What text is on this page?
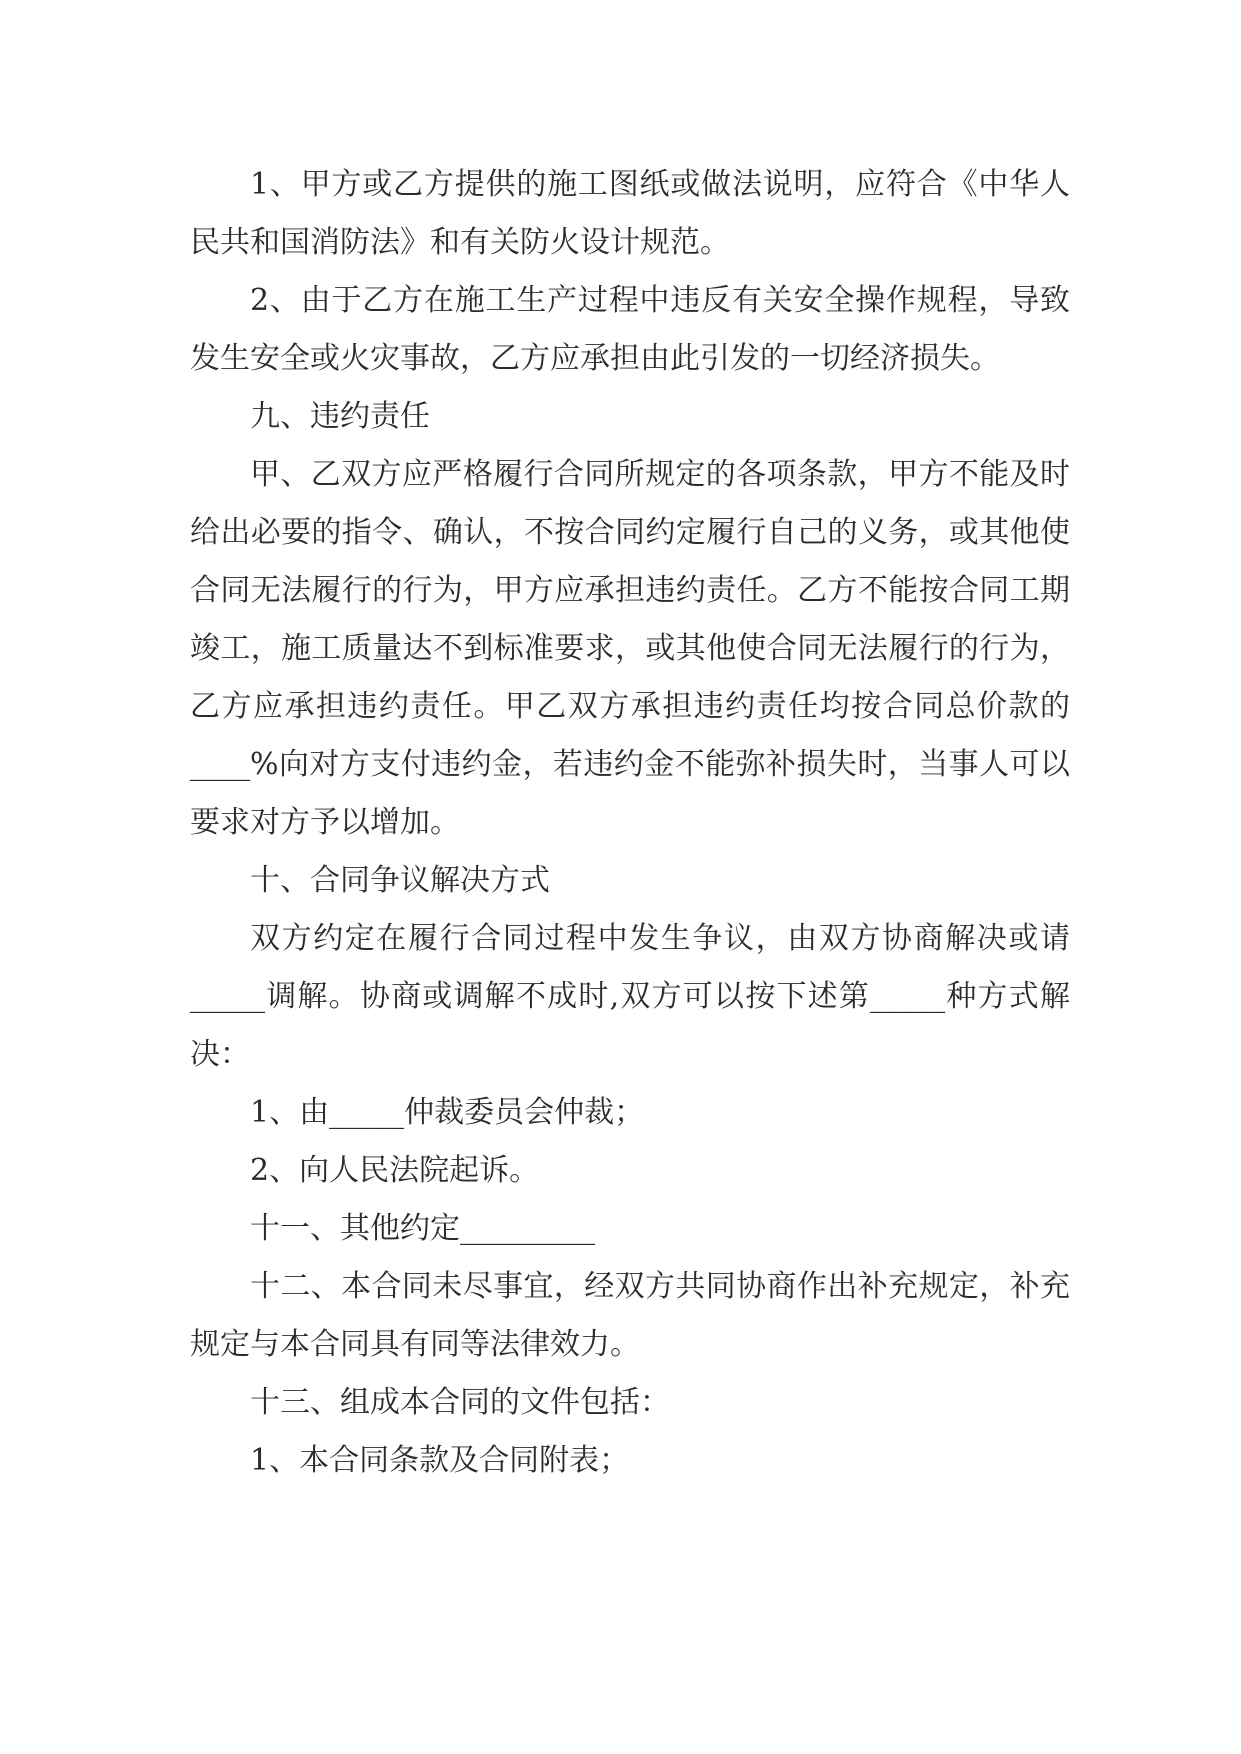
1、甲方或乙方提供的施工图纸或做法说明，应符合《中华人民共和国消防法》和有关防火设计规范。

2、由于乙方在施工生产过程中违反有关安全操作规程，导致发生安全或火灾事故，乙方应承担由此引发的一切经济损失。

九、违约责任

甲、乙双方应严格履行合同所规定的各项条款，甲方不能及时给出必要的指令、确认，不按合同约定履行自己的义务，或其他使合同无法履行的行为，甲方应承担违约责任。乙方不能按合同工期竣工，施工质量达不到标准要求，或其他使合同无法履行的行为，乙方应承担违约责任。甲乙双方承担违约责任均按合同总价款的____%向对方支付违约金，若违约金不能弥补损失时，当事人可以要求对方予以增加。

十、合同争议解决方式

双方约定在履行合同过程中发生争议，由双方协商解决或请_____调解。协商或调解不成时,双方可以按下述第_____种方式解决：

1、由_____仲裁委员会仲裁；

2、向人民法院起诉。

十一、其他约定_________

十二、本合同未尽事宜，经双方共同协商作出补充规定，补充规定与本合同具有同等法律效力。

十三、组成本合同的文件包括：

1、本合同条款及合同附表；
